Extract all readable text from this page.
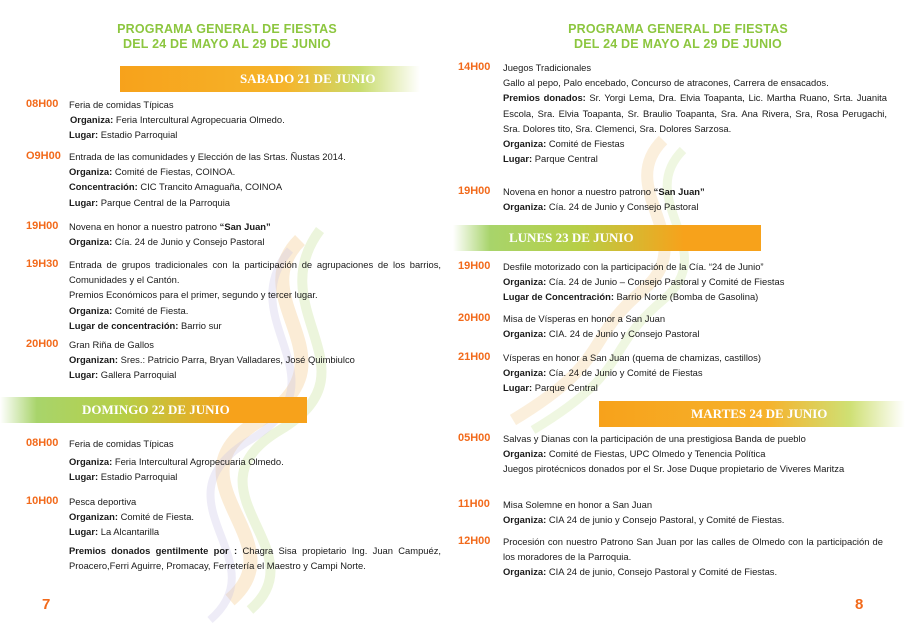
PROGRAMA GENERAL DE FIESTAS
DEL 24 DE MAYO AL 29 DE JUNIO
SABADO 21 DE JUNIO
08H00 Feria de comidas Típicas
Organiza: Feria Intercultural Agropecuaria Olmedo.
Lugar: Estadio Parroquial
O9H00 Entrada de las comunidades y Elección de las Srtas. Ñustas 2014.
Organiza: Comité de Fiestas, COINOA.
Concentración: CIC Trancito Amaguaña, COINOA
Lugar: Parque Central de la Parroquia
19H00 Novena en honor a nuestro patrono “San Juan”
Organiza: Cía. 24 de Junio y Consejo Pastoral
19H30 Entrada de grupos tradicionales con la participación de agrupaciones de los barrios, Comunidades y el Cantón.
Premios Económicos para el primer, segundo y tercer lugar.
Organiza: Comité de Fiesta.
Lugar de concentración: Barrio sur
20H00 Gran Riña de Gallos
Organizan: Sres.: Patricio Parra, Bryan Valladares, José Quimbiulco
Lugar: Gallera Parroquial
DOMINGO 22 DE JUNIO
08H00 Feria de comidas Típicas
Organiza: Feria Intercultural Agropecuaria Olmedo.
Lugar: Estadio Parroquial
10H00 Pesca deportiva
Organizan: Comité de Fiesta.
Lugar: La Alcantarilla
Premios donados gentilmente por : Chagra Sisa propietario Ing. Juan Campuéz, Proacero,Ferri Aguirre, Promacay, Ferretería el Maestro y Campi Norte.
7
PROGRAMA GENERAL DE FIESTAS
DEL 24 DE MAYO AL 29 DE JUNIO
14H00 Juegos Tradicionales
Gallo al pepo, Palo encebado, Concurso de atracones, Carrera de ensacados.
Premios donados: Sr. Yorgi Lema, Dra. Elvia Toapanta, Lic. Martha Ruano, Srta. Juanita Escola, Sra. Elvia Toapanta, Sr. Braulio Toapanta, Sra. Ana Rivera, Sra, Rosa Perugachi, Sra. Dolores tito, Sra. Clemenci, Sra. Dolores Sarzosa.
Organiza: Comité de Fiestas
Lugar: Parque Central
19H00 Novena en honor a nuestro patrono “San Juan”
Organiza: Cía. 24 de Junio y Consejo Pastoral
LUNES 23 DE JUNIO
19H00 Desfile motorizado con la participación de la Cía. “24 de Junio”
Organiza: Cía. 24 de Junio – Consejo Pastoral y Comité de Fiestas
Lugar de Concentración: Barrio Norte (Bomba de Gasolina)
20H00 Misa de Vísperas en honor a San Juan
Organiza: CIA. 24 de Junio y Consejo Pastoral
21H00 Vísperas en honor a San Juan (quema de chamizas, castillos)
Organiza: Cía. 24 de Junio y Comité de Fiestas
Lugar: Parque Central
MARTES 24 DE JUNIO
05H00 Salvas y Dianas con la participación de una prestigiosa Banda de pueblo
Organiza: Comité de Fiestas, UPC Olmedo y Tenencia Política
Juegos pirotécnicos donados por el Sr. Jose Duque propietario de Viveres Maritza
11H00 Misa Solemne en honor a San Juan
Organiza: CIA 24 de junio y Consejo Pastoral, y Comité de Fiestas.
12H00 Procesión con nuestro Patrono San Juan por las calles de Olmedo con la participación de los moradores de la Parroquia.
Organiza: CIA 24 de junio, Consejo Pastoral y Comité de Fiestas.
8
